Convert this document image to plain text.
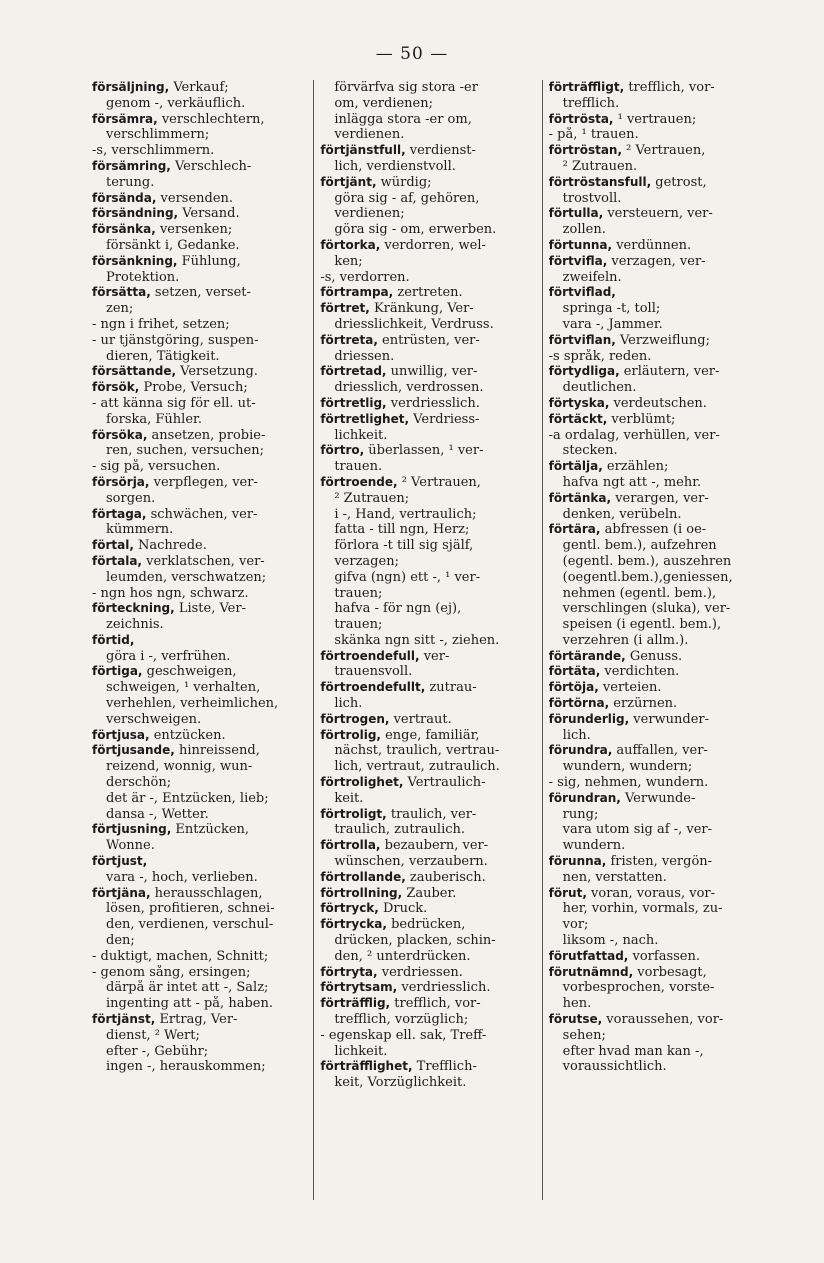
— 50 —
försäljning, Verkauf;
genom -, verkäuflich.
försämra, verschlechtern,
verschlimmern;
-s, verschlimmern.
försämring, Verschlech-
terung.
försända, versenden.
försändning, Versand.
försänka, versenken;
försänkt i, Gedanke.
försänkning, Fühlung,
Protektion.
försätta, setzen, verset-
zen;
- ngn i frihet, setzen;
- ur tjänstgöring, suspen-
dieren, Tätigkeit.
försättande, Versetzung.
försök, Probe, Versuch;
- att känna sig för ell. ut-
forska, Fühler.
försöka, ansetzen, probie-
ren, suchen, versuchen;
- sig på, versuchen.
försörja, verpflegen, ver-
sorgen.
förtaga, schwächen, ver-
kümmern.
förtal, Nachrede.
förtala, verklatschen, ver-
leumden, verschwatzen;
- ngn hos ngn, schwarz.
förteckning, Liste, Ver-
zeichnis.
förtid,
göra i -, verfrühen.
förtiga, geschweigen,
schweigen, ¹ verhalten,
verhehlen, verheimlichen,
verschweigen.
förtjusa, entzücken.
förtjusande, hinreissend,
reizend, wonnig, wun-
derschön;
det är -, Entzücken, lieb;
dansa -, Wetter.
förtjusning, Entzücken,
Wonne.
förtjust,
vara -, hoch, verlieben.
förtjäna, herausschlagen,
lösen, profitieren, schnei-
den, verdienen, verschul-
den;
- duktigt, machen, Schnitt;
- genom sång, ersingen;
därpå är intet att -, Salz;
ingenting att - på, haben.
förtjänst, Ertrag, Ver-
dienst, ² Wert;
efter -, Gebühr;
ingen -, herauskommen;
förvärfva sig stora -er
om, verdienen;
inlägga stora -er om,
verdienen.
förtjänstfull, verdienst-
lich, verdienstvoll.
förtjänt, würdig;
göra sig - af, gehören,
verdienen;
göra sig - om, erwerben.
förtorka, verdorren, wel-
ken;
-s, verdorren.
förtrampa, zertreten.
förtret, Kränkung, Ver-
driesslichkeit, Verdruss.
förtreta, entrüsten, ver-
driessen.
förtretad, unwillig, ver-
driesslich, verdrossen.
förtretlig, verdriesslich.
förtretlighet, Verdriess-
lichkeit.
förtro, überlassen, ¹ ver-
trauen.
förtroende, ² Vertrauen,
² Zutrauen;
i -, Hand, vertraulich;
fatta - till ngn, Herz;
förlora -t till sig själf,
verzagen;
gifva (ngn) ett -, ¹ ver-
trauen;
hafva - för ngn (ej),
trauen;
skänka ngn sitt -, ziehen.
förtroendefull, ver-
trauensvoll.
förtroendefullt, zutrau-
lich.
förtrogen, vertraut.
förtrolig, enge, familiär,
nächst, traulich, vertrau-
lich, vertraut, zutraulich.
förtrolighet, Vertraulich-
keit.
förtroligt, traulich, ver-
traulich, zutraulich.
förtrolla, bezaubern, ver-
wünschen, verzaubern.
förtrollande, zauberisch.
förtrollning, Zauber.
förtryck, Druck.
förtrycka, bedrücken,
drücken, placken, schin-
den, ² unterdrücken.
förtryta, verdriessen.
förtrytsam, verdriesslich.
förträfflig, trefflich, vor-
trefflich, vorzüglich;
- egenskap ell. sak, Treff-
lichkeit.
förträfflighet, Trefflich-
keit, Vorzüglichkeit.
förträffligt, trefflich, vor-
trefflich.
förtrösta, ¹ vertrauen;
- på, ¹ trauen.
förtröstan, ² Vertrauen,
² Zutrauen.
förtröstansfull, getrost,
trostvoll.
förtulla, versteuern, ver-
zollen.
förtunna, verdünnen.
förtvifla, verzagen, ver-
zweifeln.
förtviflad,
springa -t, toll;
vara -, Jammer.
förtviflan, Verzweiflung;
-s språk, reden.
förtydliga, erläutern, ver-
deutlichen.
förtyska, verdeutschen.
förtäckt, verblümt;
-a ordalag, verhüllen, ver-
stecken.
förtälja, erzählen;
hafva ngt att -, mehr.
förtänka, verargen, ver-
denken, verübeln.
förtära, abfressen (i oe-
gentl. bem.), aufzehren
(egentl. bem.), auszehren
(oegentl.bem.),geniessen,
nehmen (egentl. bem.),
verschlingen (sluka), ver-
speisen (i egentl. bem.),
verzehren (i allm.).
förtärande, Genuss.
förtäta, verdichten.
förtöja, verteien.
förtörna, erzürnen.
förunderlig, verwunder-
lich.
förundra, auffallen, ver-
wundern, wundern;
- sig, nehmen, wundern.
förundran, Verwunde-
rung;
vara utom sig af -, ver-
wundern.
förunna, fristen, vergön-
nen, verstatten.
förut, voran, voraus, vor-
her, vorhin, vormals, zu-
vor;
liksom -, nach.
förutfattad, vorfassen.
förutnämnd, vorbesagt,
vorbesprochen, vorste-
hen.
förutse, voraussehen, vor-
sehen;
efter hvad man kan -,
voraussichtlich.
